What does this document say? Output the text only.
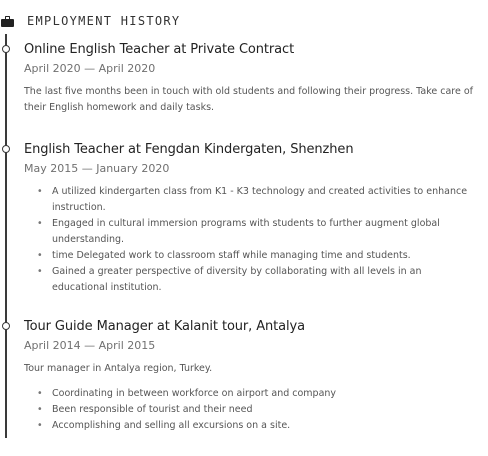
EMPLOYMENT HISTORY
Online English Teacher at Private Contract
April 2020 — April 2020
The last five months been in touch with old students and following their progress. Take care of their English homework and daily tasks.
English Teacher at Fengdan Kindergaten, Shenzhen
May 2015 — January 2020
• A utilized kindergarten class from K1 - K3 technology and created activities to enhance instruction.
• Engaged in cultural immersion programs with students to further augment global understanding.
• time Delegated work to classroom staff while managing time and students.
• Gained a greater perspective of diversity by collaborating with all levels in an educational institution.
Tour Guide Manager at Kalanit tour, Antalya
April 2014 — April 2015
Tour manager in Antalya region, Turkey.
• Coordinating in between workforce on airport and company
• Been responsible of tourist and their need
• Accomplishing and selling all excursions on a site.
